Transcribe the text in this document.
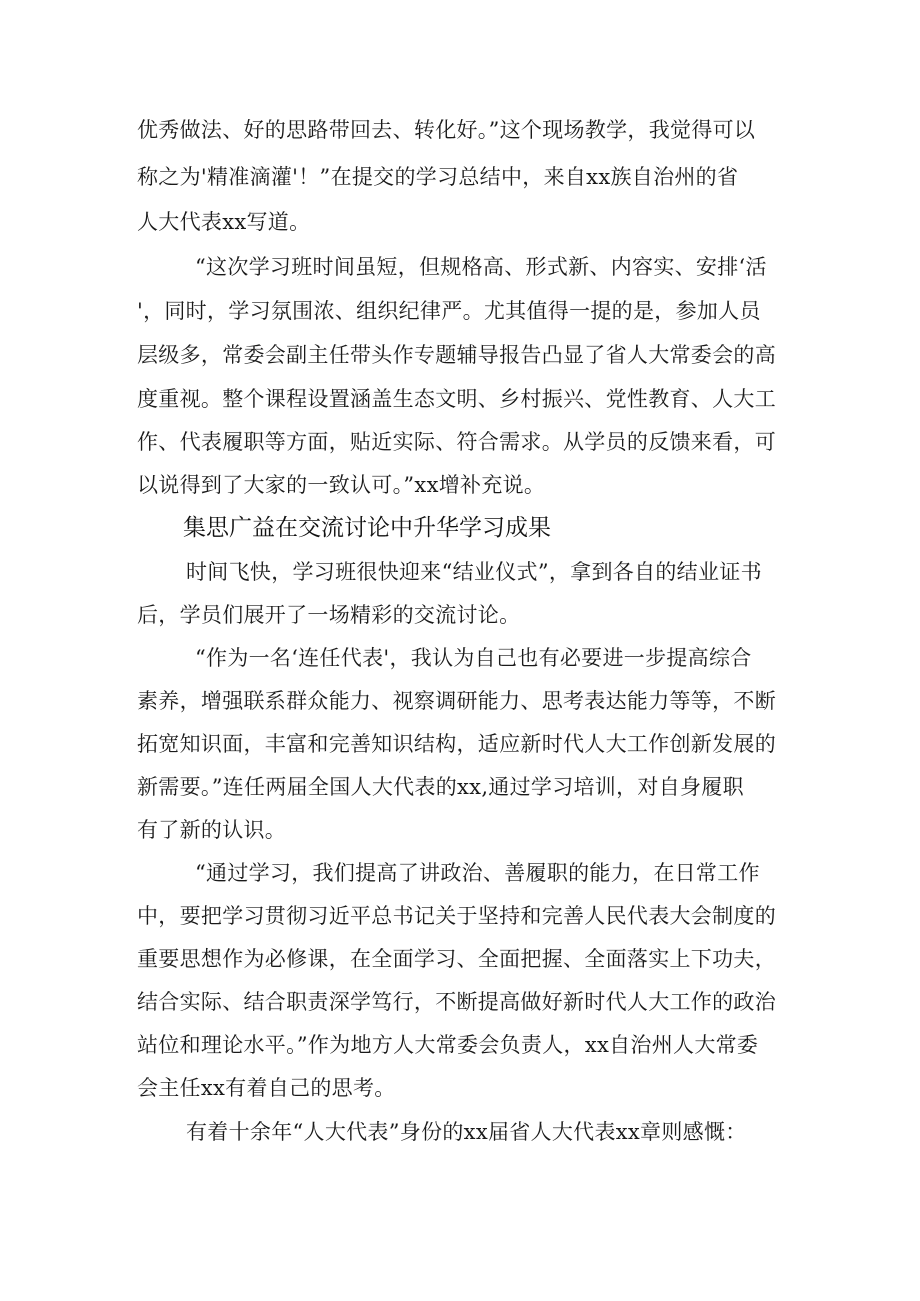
优秀做法、好的思路带回去、转化好。”这个现场教学，我觉得可以
称之为'精准滴灌'！”在提交的学习总结中，来自xx族自治州的省
人大代表xx写道。
“这次学习班时间虽短，但规格高、形式新、内容实、安排‘活
'，同时，学习氛围浓、组织纪律严。尤其值得一提的是，参加人员
层级多，常委会副主任带头作专题辅导报告凸显了省人大常委会的高
度重视。整个课程设置涵盖生态文明、乡村振兴、党性教育、人大工
作、代表履职等方面，贴近实际、符合需求。从学员的反馈来看，可
以说得到了大家的一致认可。”xx增补充说。
集思广益在交流讨论中升华学习成果
时间飞快，学习班很快迎来“结业仪式”，拿到各自的结业证书
后，学员们展开了一场精彩的交流讨论。
“作为一名‘连任代表'，我认为自己也有必要进一步提高综合
素养，增强联系群众能力、视察调研能力、思考表达能力等等，不断
拓宽知识面，丰富和完善知识结构，适应新时代人大工作创新发展的
新需要。”连任两届全国人大代表的xx,通过学习培训，对自身履职
有了新的认识。
“通过学习，我们提高了讲政治、善履职的能力，在日常工作
中，要把学习贯彻习近平总书记关于坚持和完善人民代表大会制度的
重要思想作为必修课，在全面学习、全面把握、全面落实上下功夫，
结合实际、结合职责深学笃行，不断提高做好新时代人大工作的政治
站位和理论水平。”作为地方人大常委会负责人，xx自治州人大常委
会主任xx有着自己的思考。
有着十余年“人大代表”身份的xx届省人大代表xx章则感慨：
